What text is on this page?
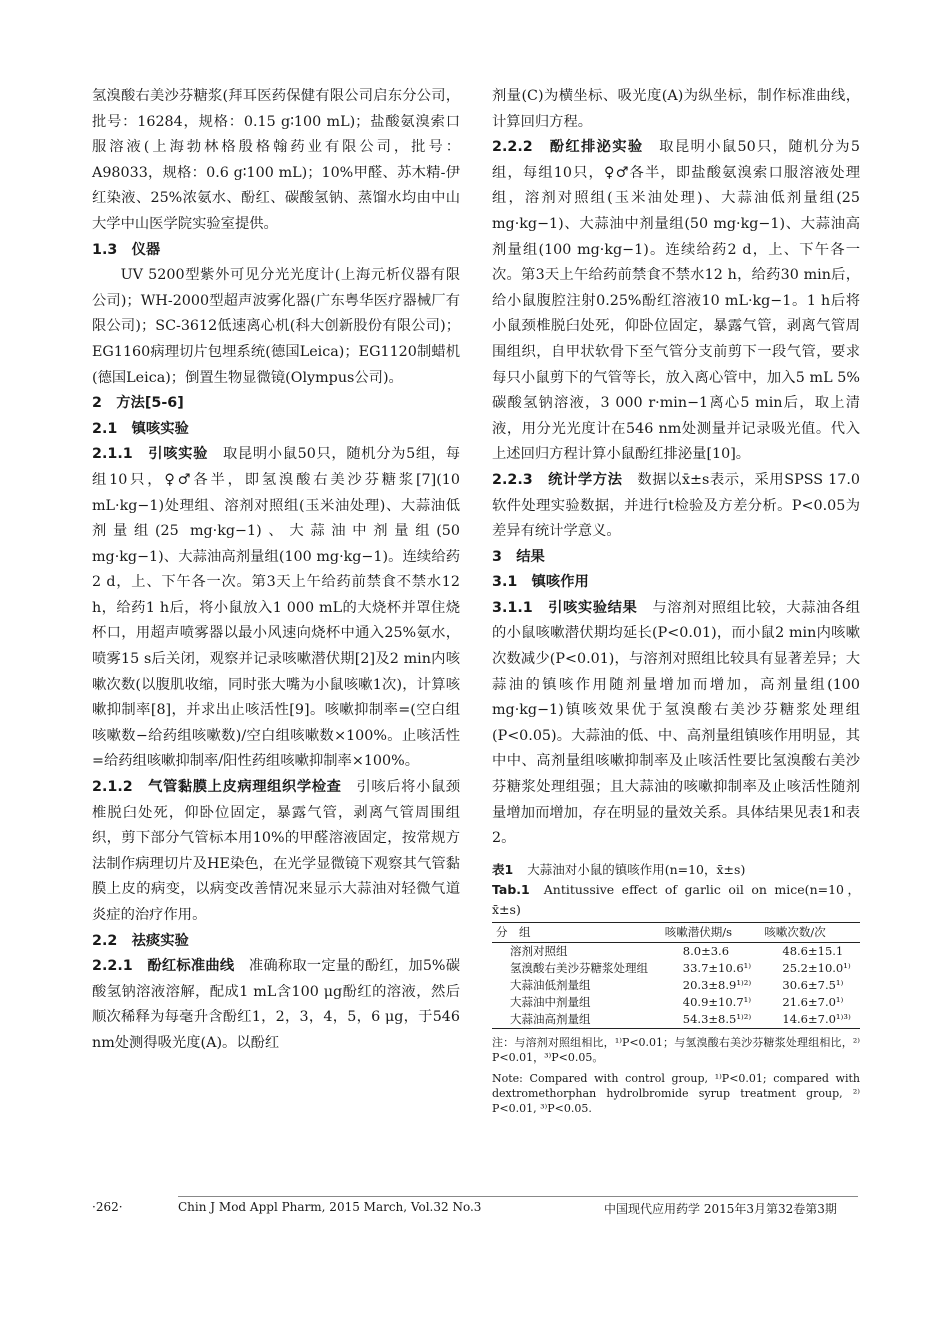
氢溴酸右美沙芬糖浆(拜耳医药保健有限公司启东分公司，批号：16284，规格：0.15 g∶100 mL)；盐酸氨溴索口服溶液(上海勃林格殷格翰药业有限公司，批号：A98033，规格：0.6 g∶100 mL)；10%甲醛、苏木精-伊红染液、25%浓氨水、酚红、碳酸氢钠、蒸馏水均由中山大学中山医学院实验室提供。

1.3　仪器

UV 5200型紫外可见分光光度计(上海元析仪器有限公司)；WH-2000型超声波雾化器(广东粤华医疗器械厂有限公司)；SC-3612低速离心机(科大创新股份有限公司)；EG1160病理切片包埋系统(德国Leica)；EG1120制蜡机(德国Leica)；倒置生物显微镜(Olympus公司)。

2　方法[5-6]

2.1　镇咳实验

2.1.1　引咳实验　 取昆明小鼠50只，随机分为5组，每组10只，♀♂各半，即氢溴酸右美沙芬糖浆[7](10 mL·kg−1)处理组、溶剂对照组(玉米油处理)、大蒜油低剂量组(25 mg·kg−1)、大蒜油中剂量组(50 mg·kg−1)、大蒜油高剂量组(100 mg·kg−1)。连续给药2 d，上、下午各一次。第3天上午给药前禁食不禁水12 h，给药1 h后，将小鼠放入1 000 mL的大烧杯并罩住烧杯口，用超声喷雾器以最小风速向烧杯中通入25%氨水，喷雾15 s后关闭，观察并记录咳嗽潜伏期[2]及2 min内咳嗽次数(以腹肌收缩，同时张大嘴为小鼠咳嗽1次)，计算咳嗽抑制率[8]，并求出止咳活性[9]。咳嗽抑制率=(空白组咳嗽数−给药组咳嗽数)/空白组咳嗽数×100%。止咳活性=给药组咳嗽抑制率/阳性药组咳嗽抑制率×100%。

2.1.2　气管黏膜上皮病理组织学检查　 引咳后将小鼠颈椎脱臼处死，仰卧位固定，暴露气管，剥离气管周围组织，剪下部分气管标本用10%的甲醛溶液固定，按常规方法制作病理切片及HE染色，在光学显微镜下观察其气管黏膜上皮的病变，以病变改善情况来显示大蒜油对轻微气道炎症的治疗作用。

2.2　祛痰实验

2.2.1　酚红标准曲线　 准确称取一定量的酚红，加5%碳酸氢钠溶液溶解，配成1 mL含100 μg酚红的溶液，然后顺次稀释为每毫升含酚红1，2，3，4，5，6 μg，于546 nm处测得吸光度(A)。以酚红

剂量(C)为横坐标、吸光度(A)为纵坐标，制作标准曲线，计算回归方程。

2.2.2　酚红排泌实验　 取昆明小鼠50只，随机分为5组，每组10只，♀♂各半，即盐酸氨溴索口服溶液处理组，溶剂对照组(玉米油处理)、大蒜油低剂量组(25 mg·kg−1)、大蒜油中剂量组(50 mg·kg−1)、大蒜油高剂量组(100 mg·kg−1)。连续给药2 d，上、下午各一次。第3天上午给药前禁食不禁水12 h，给药30 min后，给小鼠腹腔注射0.25%酚红溶液10 mL·kg−1。1 h后将小鼠颈椎脱臼处死，仰卧位固定，暴露气管，剥离气管周围组织，自甲状软骨下至气管分支前剪下一段气管，要求每只小鼠剪下的气管等长，放入离心管中，加入5 mL 5%碳酸氢钠溶液，3 000 r·min−1离心5 min后，取上清液，用分光光度计在546 nm处测量并记录吸光值。代入上述回归方程计算小鼠酚红排泌量[10]。

2.2.3　统计学方法　 数据以x̄±s表示，采用SPSS 17.0软件处理实验数据，并进行t检验及方差分析。P<0.05为差异有统计学意义。

3　结果

3.1　镇咳作用

3.1.1　引咳实验结果　 与溶剂对照组比较，大蒜油各组的小鼠咳嗽潜伏期均延长(P<0.01)，而小鼠2 min内咳嗽次数减少(P<0.01)，与溶剂对照组比较具有显著差异；大蒜油的镇咳作用随剂量增加而增加，高剂量组(100 mg·kg−1)镇咳效果优于氢溴酸右美沙芬糖浆处理组(P<0.05)。大蒜油的低、中、高剂量组镇咳作用明显，其中中、高剂量组咳嗽抑制率及止咳活性要比氢溴酸右美沙芬糖浆处理组强；且大蒜油的咳嗽抑制率及止咳活性随剂量增加而增加，存在明显的量效关系。具体结果见表1和表2。

表1 大蒜油对小鼠的镇咳作用(n=10，x̄±s)
Tab.1 Antitussive effect of garlic oil on mice(n=10，x̄±s)
分　组	咳嗽潜伏期/s	咳嗽次数/次
溶剂对照组	8.0±3.6	48.6±15.1
氢溴酸右美沙芬糖浆处理组	33.7±10.6¹⁾	25.2±10.0¹⁾
大蒜油低剂量组	20.3±8.9¹⁾²⁾	30.6±7.5¹⁾
大蒜油中剂量组	40.9±10.7¹⁾	21.6±7.0¹⁾
大蒜油高剂量组	54.3±8.5¹⁾²⁾	14.6±7.0¹⁾³⁾
注：与溶剂对照组相比，¹⁾P<0.01；与氢溴酸右美沙芬糖浆处理组相比，²⁾P<0.01，³⁾P<0.05。
Note: Compared with control group, ¹⁾P<0.01; compared with dextromethorphan hydrolbromide syrup treatment group, ²⁾P<0.01, ³⁾P<0.05.
·262·	Chin J Mod Appl Pharm, 2015 March, Vol.32 No.3	中国现代应用药学 2015年3月第32卷第3期
